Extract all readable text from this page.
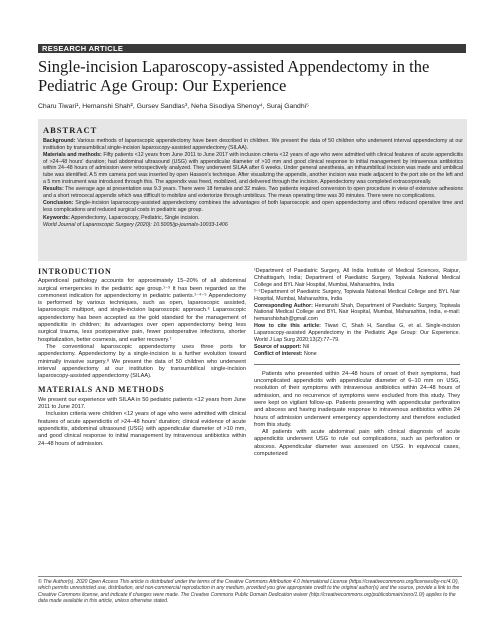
RESEARCH ARTICLE
Single-incision Laparoscopy-assisted Appendectomy in the Pediatric Age Group: Our Experience
Charu Tiwari¹, Hemanshi Shah², Gursev Sandlas³, Neha Sisodiya Shenoy⁴, Suraj Gandhi⁵
ABSTRACT

Background: Various methods of laparoscopic appendectomy have been described in children. We present the data of 50 children who underwent interval appendectomy at our institution by transumbilical single-incision laparoscopy-assisted appendectomy (SILAA).

Materials and methods: Fifty patients <12 years from June 2011 to June 2017 with inclusion criteria <12 years of age who were admitted with clinical features of acute appendicitis of >24–48 hours' duration; had abdominal ultrasound (USG) with appendicular diameter of >10 mm and good clinical response to initial management by intravenous antibiotics within 24–48 hours of admission were retrospectively analyzed. They underwent SILAA after 6 weeks. Under general anesthesia, an infraumbilical incision was made and umbilical tube was identified. A 5 mm camera port was inserted by open Hasson's technique. After visualizing the appendix, another incision was made adjacent to the port site on the left and a 5 mm instrument was introduced through this. The appendix was freed, mobilized, and delivered through the incision. Appendectomy was completed extracorporeally.

Results: The average age at presentation was 9.3 years. There were 18 females and 32 males. Two patients required conversion to open procedure in view of extensive adhesions and a short retrocecal appendix which was difficult to mobilize and exteriorize through umbilicus. The mean operating time was 30 minutes. There were no complications.

Conclusion: Single-incision laparoscopy-assisted appendectomy combines the advantages of both laparoscopic and open appendectomy and offers reduced operative time and less complications and reduced surgical costs in pediatric age group.

Keywords: Appendectomy, Laparoscopy, Pediatric, Single incision.

World Journal of Laparoscopic Surgery (2020): 10.5005/jp-journals-10033-1406

INTRODUCTION

Appendiceal pathology accounts for approximately 15–20% of all abdominal surgical emergencies in the pediatric age group.¹⁻³ It has been regarded as the commonest indication for appendectomy in pediatric patients.¹⁻⁴⁻⁵ Appendectomy is performed by various techniques, such as open, laparoscopic assisted, laparoscopic multiport, and single-incision laparoscopic approach.⁶ Laparoscopic appendectomy has been accepted as the gold standard for the management of appendicitis in children; its advantages over open appendectomy being less surgical trauma, less postoperative pain, fewer postoperative infections, shorter hospitalization, better cosmesis, and earlier recovery.⁷

The conventional laparoscopic appendectomy uses three ports for appendectomy. Appendectomy by a single-incision is a further evolution toward minimally invasive surgery.⁸ We present the data of 50 children who underwent interval appendectomy at our institution by transumbilical single-incision laparoscopy-assisted appendectomy (SILAA).

MATERIALS AND METHODS

We present our experience with SILAA in 50 pediatric patients <12 years from June 2011 to June 2017.

Inclusion criteria were children <12 years of age who were admitted with clinical features of acute appendicitis of >24–48 hours' duration; clinical evidence of acute appendicitis, abdominal ultrasound (USG) with appendicular diameter of >10 mm, and good clinical response to initial management by intravenous antibiotics within 24–48 hours of admission.

¹Department of Paediatric Surgery, All India Institute of Medical Sciences, Raipur, Chhattisgarh, India; Department of Paediatric Surgery, Topiwala National Medical College and BYL Nair Hospital, Mumbai, Maharashtra, India

²⁻⁵Department of Paediatric Surgery, Topiwala National Medical College and BYL Nair Hospital, Mumbai, Maharashtra, India

Corresponding Author: Hemanshi Shah, Department of Paediatric Surgery, Topiwala National Medical College and BYL Nair Hospital, Mumbai, Maharashtra, India, e-mail: hemanshishah@gmail.com

How to cite this article: Tiwari C, Shah H, Sandlas G, et al. Single-incision Laparoscopy-assisted Appendectomy in the Pediatric Age Group: Our Experience. World J Lap Surg 2020;13(2):77–79.

Source of support: Nil

Conflict of interest: None

Patients who presented within 24–48 hours of onset of their symptoms, had uncomplicated appendicitis with appendicular diameter of 6–10 mm on USG, resolution of their symptoms with intravenous antibiotics within 24–48 hours of admission, and no recurrence of symptoms were excluded from this study. They were kept on vigilant follow-up. Patients presenting with appendicular perforation and abscess and having inadequate response to intravenous antibiotics within 24 hours of admission underwent emergency appendectomy and therefore excluded from this study.

All patients with acute abdominal pain with clinical diagnosis of acute appendicitis underwent USG to rule out complications, such as perforation or abscess. Appendicular diameter was assessed on USG. In equivocal cases, computerized

© The Author(s). 2020 Open Access This article is distributed under the terms of the Creative Commons Attribution 4.0 International License (https://creativecommons.org/licenses/by-nc/4.0/), which permits unrestricted use, distribution, and non-commercial reproduction in any medium, provided you give appropriate credit to the original author(s) and the source, provide a link to the Creative Commons license, and indicate if changes were made. The Creative Commons Public Domain Dedication waiver (http://creativecommons.org/publicdomain/zero/1.0/) applies to the data made available in this article, unless otherwise stated.
